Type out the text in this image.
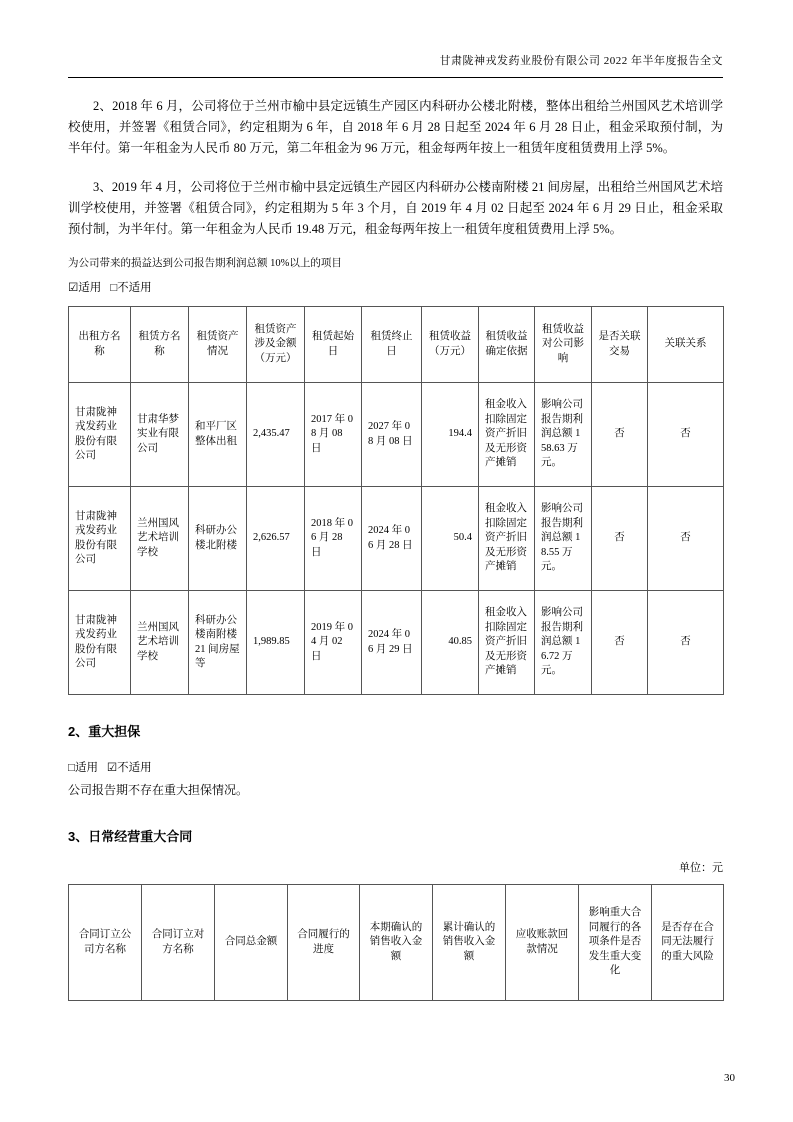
甘肃陇神戎发药业股份有限公司 2022 年半年度报告全文

2、2018 年 6 月，公司将位于兰州市榆中县定远镇生产园区内科研办公楼北附楼，整体出租给兰州国风艺术培训学校使用，并签署《租赁合同》，约定租期为 6 年，自 2018 年 6 月 28 日起至 2024 年 6 月 28 日止，租金采取预付制，为半年付。第一年租金为人民币 80 万元，第二年租金为 96 万元，租金每两年按上一租赁年度租赁费用上浮 5%。

3、2019 年 4 月，公司将位于兰州市榆中县定远镇生产园区内科研办公楼南附楼 21 间房屋，出租给兰州国风艺术培训学校使用，并签署《租赁合同》，约定租期为 5 年 3 个月，自 2019 年 4 月 02 日起至 2024 年 6 月 29 日止，租金采取预付制，为半年付。第一年租金为人民币 19.48 万元，租金每两年按上一租赁年度租赁费用上浮 5%。

为公司带来的损益达到公司报告期利润总额 10%以上的项目

☑适用 □不适用

出租方名称	租赁方名称	租赁资产情况	租赁资产涉及金额（万元）	租赁起始日	租赁终止日	租赁收益（万元）	租赁收益确定依据	租赁收益对公司影响	是否关联交易	关联关系
甘肃陇神戎发药业股份有限公司	甘肃华梦实业有限公司	和平厂区整体出租	2,435.47	2017 年 08 月 08 日	2027 年 08 月 08 日	194.4	租金收入扣除固定资产折旧及无形资产摊销	影响公司报告期利润总额 158.63 万元。	否	否
甘肃陇神戎发药业股份有限公司	兰州国风艺术培训学校	科研办公楼北附楼	2,626.57	2018 年 06 月 28 日	2024 年 06 月 28 日	50.4	租金收入扣除固定资产折旧及无形资产摊销	影响公司报告期利润总额 18.55 万元。	否	否
甘肃陇神戎发药业股份有限公司	兰州国风艺术培训学校	科研办公楼南附楼 21 间房屋等	1,989.85	2019 年 04 月 02 日	2024 年 06 月 29 日	40.85	租金收入扣除固定资产折旧及无形资产摊销	影响公司报告期利润总额 16.72 万元。	否	否
2、重大担保

□适用 ☑不适用

公司报告期不存在重大担保情况。

3、日常经营重大合同
单位：元
合同订立公司方名称	合同订立对方名称	合同总金额	合同履行的进度	本期确认的销售收入金额	累计确认的销售收入金额	应收账款回款情况	影响重大合同履行的各项条件是否发生重大变化	是否存在合同无法履行的重大风险
30
